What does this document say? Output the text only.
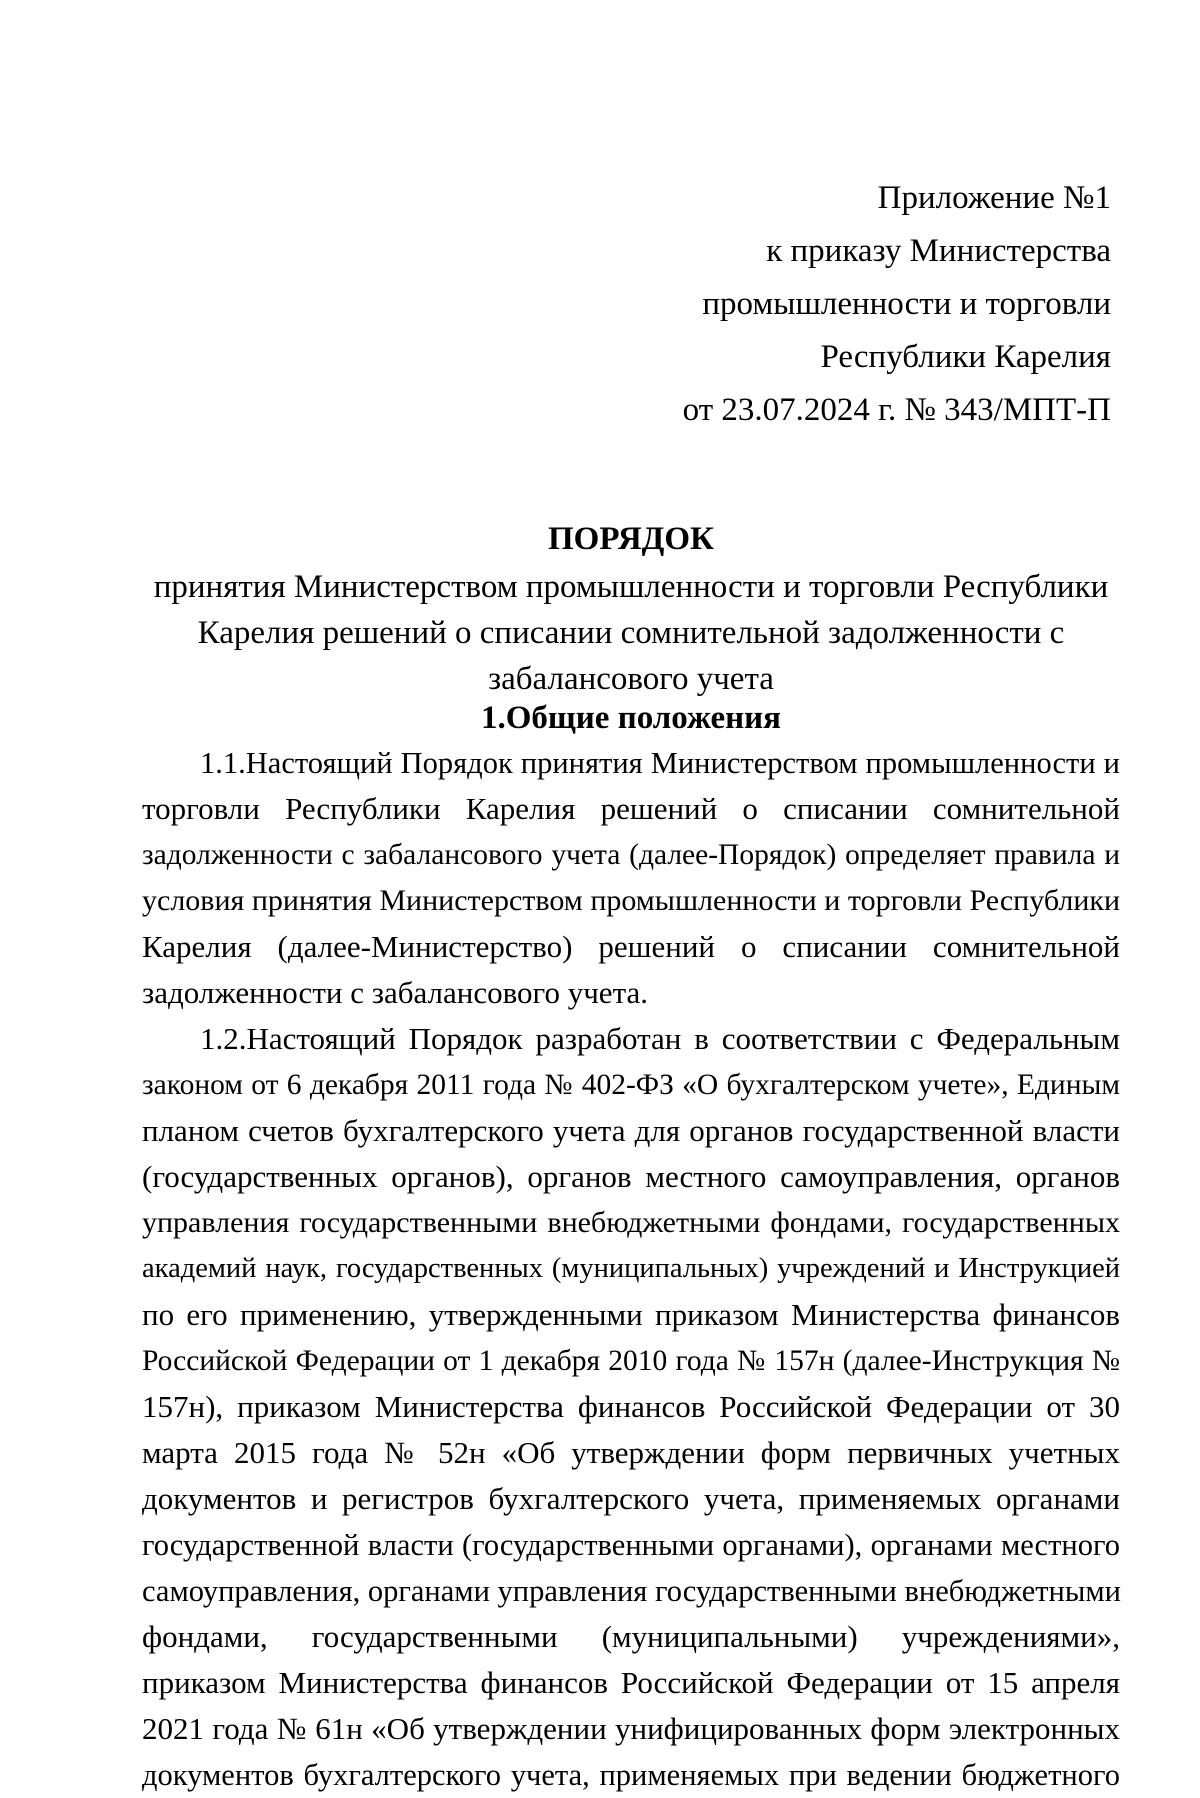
Приложение №1
к приказу Министерства
промышленности и торговли
Республики Карелия
от 23.07.2024 г. № 343/МПТ-П
ПОРЯДОК
принятия Министерством промышленности и торговли Республики
Карелия решений о списании сомнительной задолженности с
забалансового учета
1.Общие положения
1.1.Настоящий Порядок принятия Министерством промышленности и
торговли Республики Карелия решений о списании сомнительной
задолженности с забалансового учета (далее-Порядок) определяет правила и
условия принятия Министерством промышленности и торговли Республики
Карелия (далее-Министерство) решений о списании сомнительной
задолженности с забалансового учета.
1.2.Настоящий Порядок разработан в соответствии с Федеральным
законом от 6 декабря 2011 года № 402-ФЗ «О бухгалтерском учете», Единым
планом счетов бухгалтерского учета для органов государственной власти
(государственных органов), органов местного самоуправления, органов
управления государственными внебюджетными фондами, государственных
академий наук, государственных (муниципальных) учреждений и Инструкцией
по его применению, утвержденными приказом Министерства финансов
Российской Федерации от 1 декабря 2010 года № 157н (далее-Инструкция №
157н), приказом Министерства финансов Российской Федерации от 30
марта 2015 года № 52н «Об утверждении форм первичных учетных
документов и регистров бухгалтерского учета, применяемых органами
государственной власти (государственными органами), органами местного
самоуправления, органами управления государственными внебюджетными
фондами, государственными (муниципальными) учреждениями»,
приказом Министерства финансов Российской Федерации от 15 апреля
2021 года № 61н «Об утверждении унифицированных форм электронных
документов бухгалтерского учета, применяемых при ведении бюджетного
